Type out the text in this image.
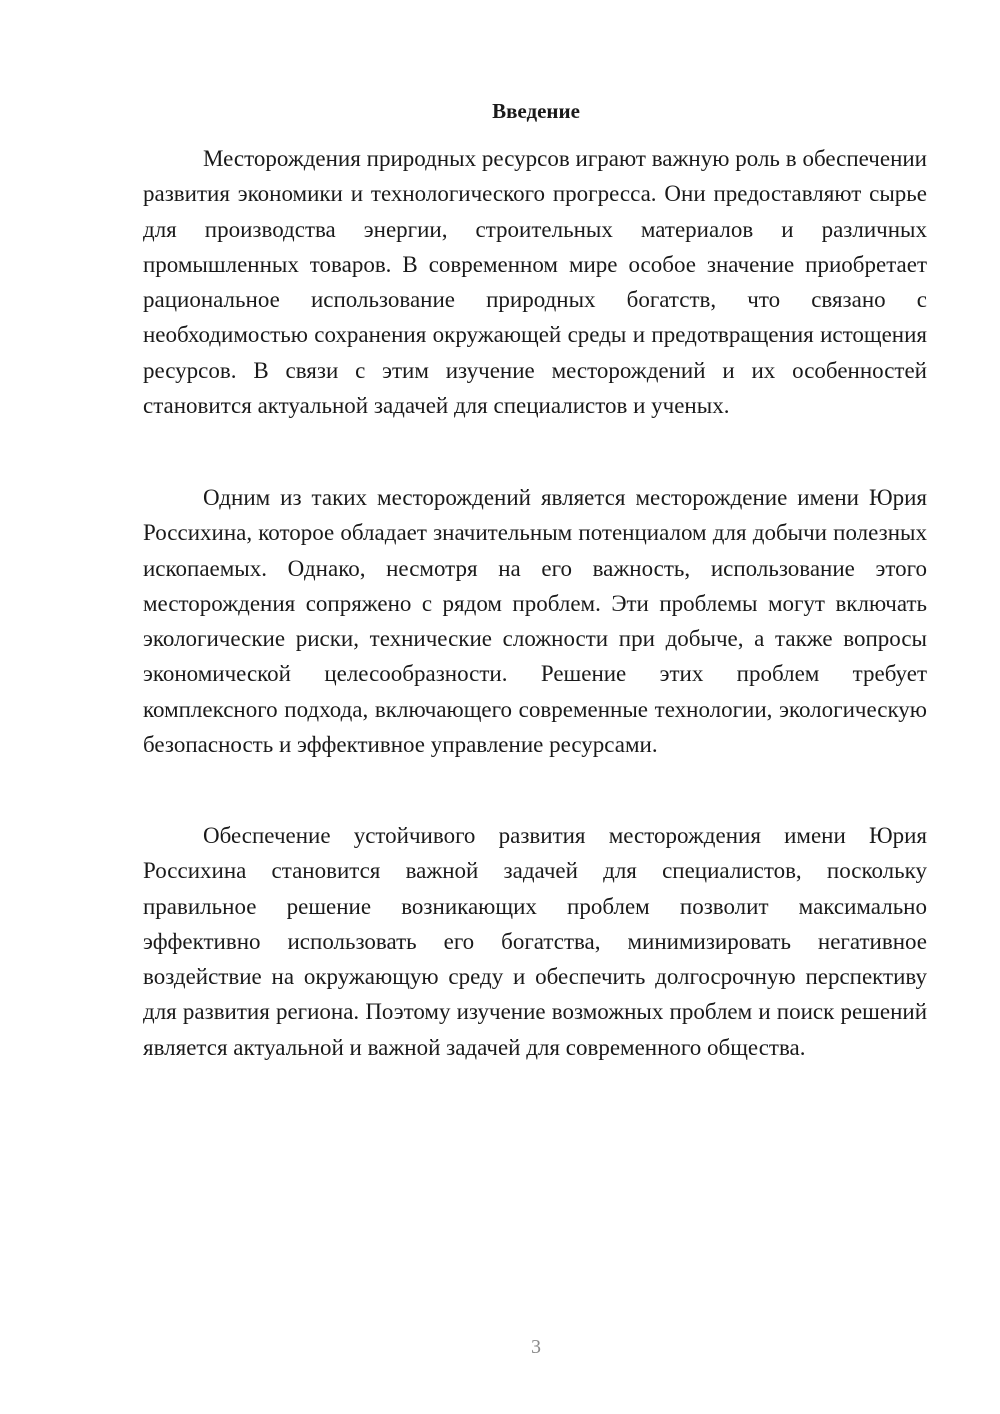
Введение

Месторождения природных ресурсов играют важную роль в обеспечении развития экономики и технологического прогресса. Они предоставляют сырье для производства энергии, строительных материалов и различных промышленных товаров. В современном мире особое значение приобретает рациональное использование природных богатств, что связано с необходимостью сохранения окружающей среды и предотвращения истощения ресурсов. В связи с этим изучение месторождений и их особенностей становится актуальной задачей для специалистов и ученых.

Одним из таких месторождений является месторождение имени Юрия Россихина, которое обладает значительным потенциалом для добычи полезных ископаемых. Однако, несмотря на его важность, использование этого месторождения сопряжено с рядом проблем. Эти проблемы могут включать экологические риски, технические сложности при добыче, а также вопросы экономической целесообразности. Решение этих проблем требует комплексного подхода, включающего современные технологии, экологическую безопасность и эффективное управление ресурсами.

Обеспечение устойчивого развития месторождения имени Юрия Россихина становится важной задачей для специалистов, поскольку правильное решение возникающих проблем позволит максимально эффективно использовать его богатства, минимизировать негативное воздействие на окружающую среду и обеспечить долгосрочную перспективу для развития региона. Поэтому изучение возможных проблем и поиск решений является актуальной и важной задачей для современного общества.

3
